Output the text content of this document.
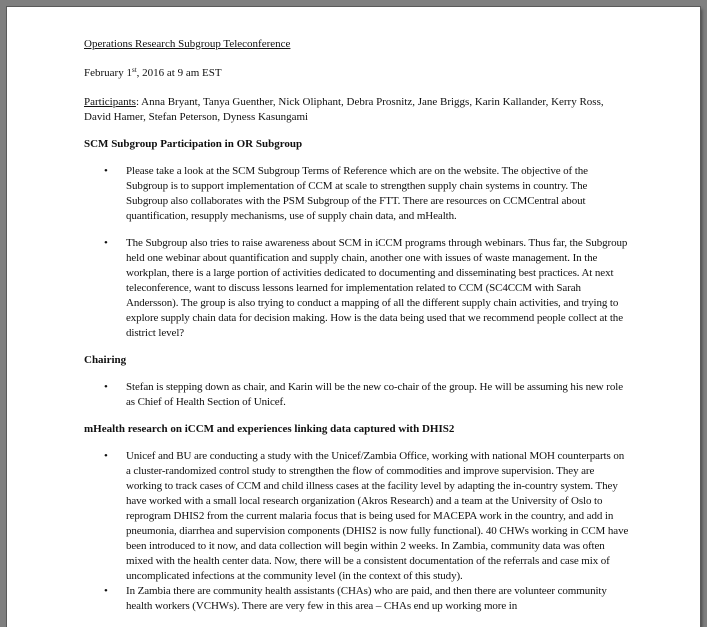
Operations Research Subgroup Teleconference

February 1st, 2016 at 9 am EST

Participants: Anna Bryant, Tanya Guenther, Nick Oliphant, Debra Prosnitz, Jane Briggs, Karin Kallander, Kerry Ross, David Hamer, Stefan Peterson, Dyness Kasungami

SCM Subgroup Participation in OR Subgroup

• Please take a look at the SCM Subgroup Terms of Reference which are on the website. The objective of the Subgroup is to support implementation of CCM at scale to strengthen supply chain systems in country. The Subgroup also collaborates with the PSM Subgroup of the FTT. There are resources on CCMCentral about quantification, resupply mechanisms, use of supply chain data, and mHealth.
• The Subgroup also tries to raise awareness about SCM in iCCM programs through webinars. Thus far, the Subgroup held one webinar about quantification and supply chain, another one with issues of waste management. In the workplan, there is a large portion of activities dedicated to documenting and disseminating best practices. At next teleconference, want to discuss lessons learned for implementation related to CCM (SC4CCM with Sarah Andersson). The group is also trying to conduct a mapping of all the different supply chain activities, and trying to explore supply chain data for decision making. How is the data being used that we recommend people collect at the district level?

Chairing

• Stefan is stepping down as chair, and Karin will be the new co-chair of the group. He will be assuming his new role as Chief of Health Section of Unicef.

mHealth research on iCCM and experiences linking data captured with DHIS2

• Unicef and BU are conducting a study with the Unicef/Zambia Office, working with national MOH counterparts on a cluster-randomized control study to strengthen the flow of commodities and improve supervision. They are working to track cases of CCM and child illness cases at the facility level by adapting the in-country system. They have worked with a small local research organization (Akros Research) and a team at the University of Oslo to reprogram DHIS2 from the current malaria focus that is being used for MACEPA work in the country, and add in pneumonia, diarrhea and supervision components (DHIS2 is now fully functional). 40 CHWs working in CCM have been introduced to it now, and data collection will begin within 2 weeks. In Zambia, community data was often mixed with the health center data. Now, there will be a consistent documentation of the referrals and case mix of uncomplicated infections at the community level (in the context of this study).
• In Zambia there are community health assistants (CHAs) who are paid, and then there are volunteer community health workers (VCHWs). There are very few in this area – CHAs end up working more in
